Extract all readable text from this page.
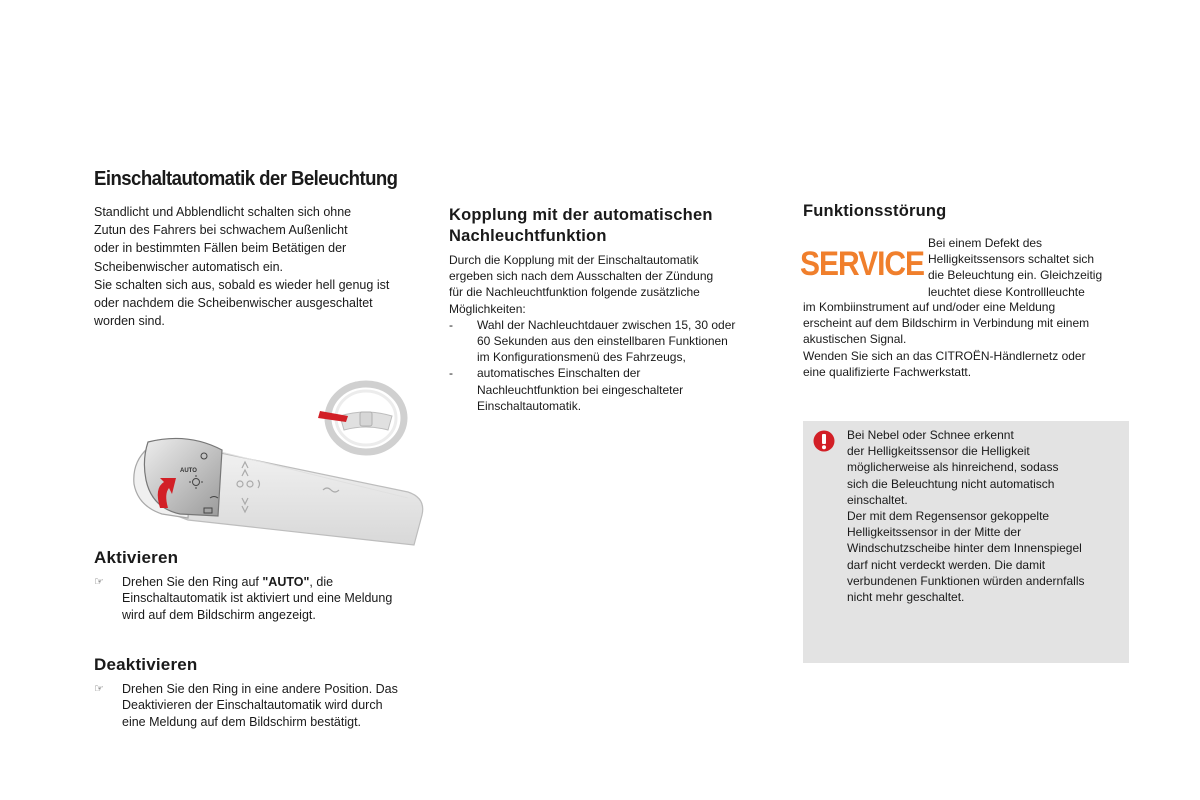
Einschaltautomatik der Beleuchtung

Standlicht und Abblendlicht schalten sich ohne

Zutun des Fahrers bei schwachem Außenlicht

oder in bestimmten Fällen beim Betätigen der

Scheibenwischer automatisch ein.

Sie schalten sich aus, sobald es wieder hell genug ist

oder nachdem die Scheibenwischer ausgeschaltet

worden sind.

AUTO
Aktivieren
☞	Drehen Sie den Ring auf "AUTO", die
Einschaltautomatik ist aktiviert und eine Meldung
wird auf dem Bildschirm angezeigt.
Deaktivieren
☞	Drehen Sie den Ring in eine andere Position. Das
Deaktivieren der Einschaltautomatik wird durch
eine Meldung auf dem Bildschirm bestätigt.
Kopplung mit der automatischen
Nachleuchtfunktion

Durch die Kopplung mit der Einschaltautomatik

ergeben sich nach dem Ausschalten der Zündung

für die Nachleuchtfunktion folgende zusätzliche

Möglichkeiten:

-	Wahl der Nachleuchtdauer zwischen 15, 30 oder
60 Sekunden aus den einstellbaren Funktionen
im Konfigurationsmenü des Fahrzeugs,
-	automatisches Einschalten der
Nachleuchtfunktion bei eingeschalteter
Einschaltautomatik.
Funktionsstörung
SERVICE

Bei einem Defekt des

Helligkeitssensors schaltet sich

die Beleuchtung ein. Gleichzeitig

leuchtet diese Kontrollleuchte

im Kombiinstrument auf und/oder eine Meldung

erscheint auf dem Bildschirm in Verbindung mit einem

akustischen Signal.

Wenden Sie sich an das CITROËN-Händlernetz oder

eine qualifizierte Fachwerkstatt.

Bei Nebel oder Schnee erkennt

der Helligkeitssensor die Helligkeit

möglicherweise als hinreichend, sodass

sich die Beleuchtung nicht automatisch

einschaltet.

Der mit dem Regensensor gekoppelte

Helligkeitssensor in der Mitte der

Windschutzscheibe hinter dem Innenspiegel

darf nicht verdeckt werden. Die damit

verbundenen Funktionen würden andernfalls

nicht mehr geschaltet.
